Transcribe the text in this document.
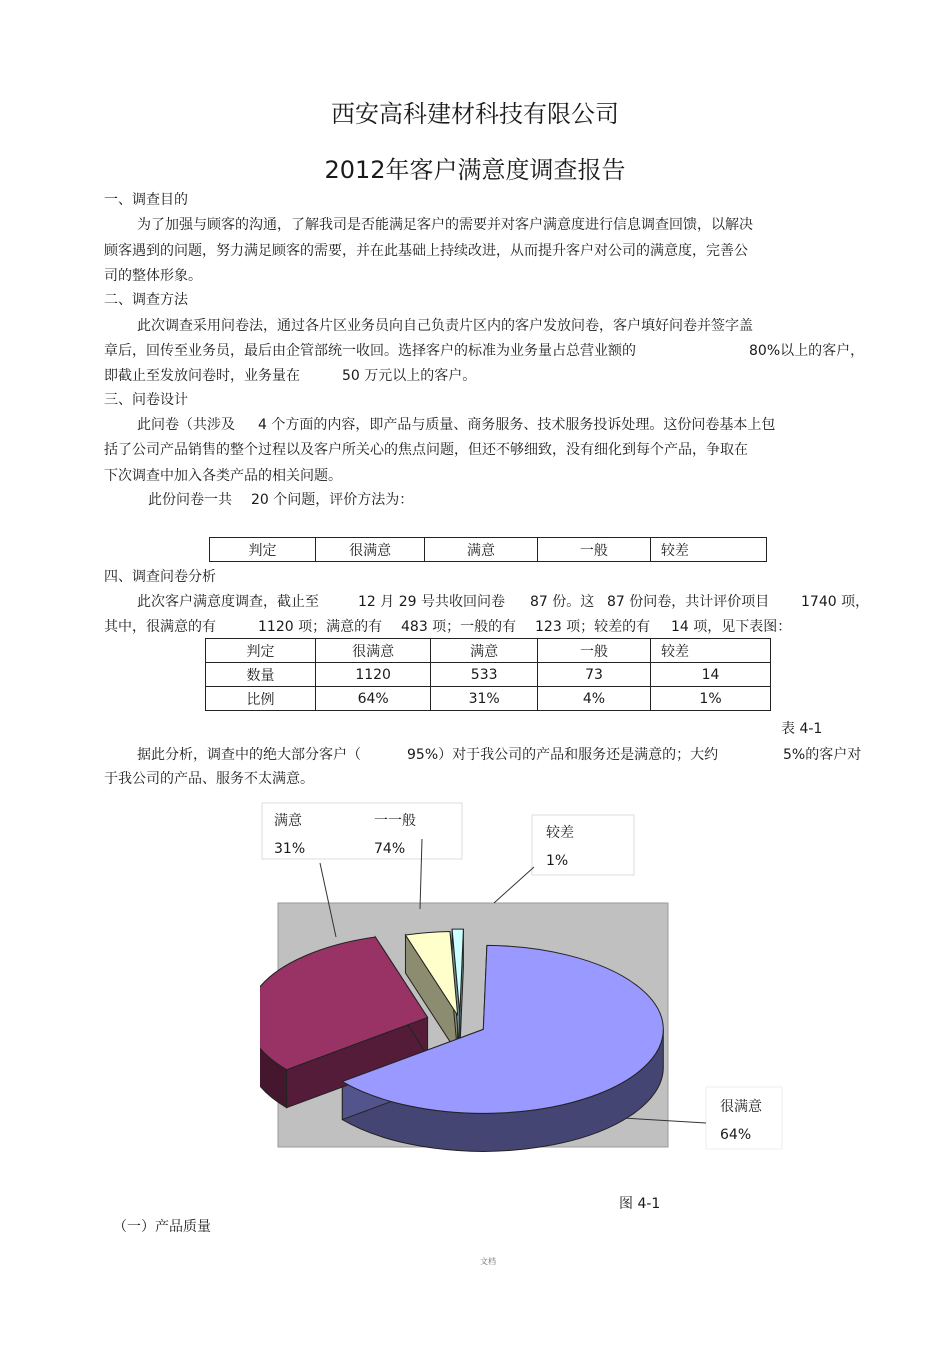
西安高科建材科技有限公司
2012年客户满意度调查报告
一、调查目的
为了加强与顾客的沟通，了解我司是否能满足客户的需要并对客户满意度进行信息调查回馈，以解决
顾客遇到的问题，努力满足顾客的需要，并在此基础上持续改进，从而提升客户对公司的满意度，完善公
司的整体形象。
二、调查方法
此次调查采用问卷法，通过各片区业务员向自己负责片区内的客户发放问卷，客户填好问卷并签字盖
章后，回传至业务员，最后由企管部统一收回。选择客户的标准为业务量占总营业额的	80%以上的客户，
即截止至发放问卷时，业务量在	50 万元以上的客户。
三、问卷设计
此问卷（共涉及 4 个方面的内容，即产品与质量、商务服务、技术服务投诉处理。这份问卷基本上包
括了公司产品销售的整个过程以及客户所关心的焦点问题，但还不够细致，没有细化到每个产品，争取在
下次调查中加入各类产品的相关问题。
此份问卷一共 20 个问题，评价方法为：
判定	很满意	满意	一般	较差
四、调查问卷分析
此次客户满意度调查，截止至	12 月 29 号共收回问卷 87 份。这 87 份问卷，共计评价项目 1740 项，
其中，很满意的有	1120 项；满意的有 483 项；一般的有 123 项；较差的有 14 项，见下表图：
判定	很满意	满意	一般	较差
数量	1120	533	73	14
比例	64%	31%	4%	1%
表 4-1
据此分析，调查中的绝大部分客户（	95%）对于我公司的产品和服务还是满意的；大约	5%的客户对
于我公司的产品、服务不太满意。
满意
31%
一一般
74%
较差
1%
很满意
64%
图 4-1
（一）产品质量
文档
